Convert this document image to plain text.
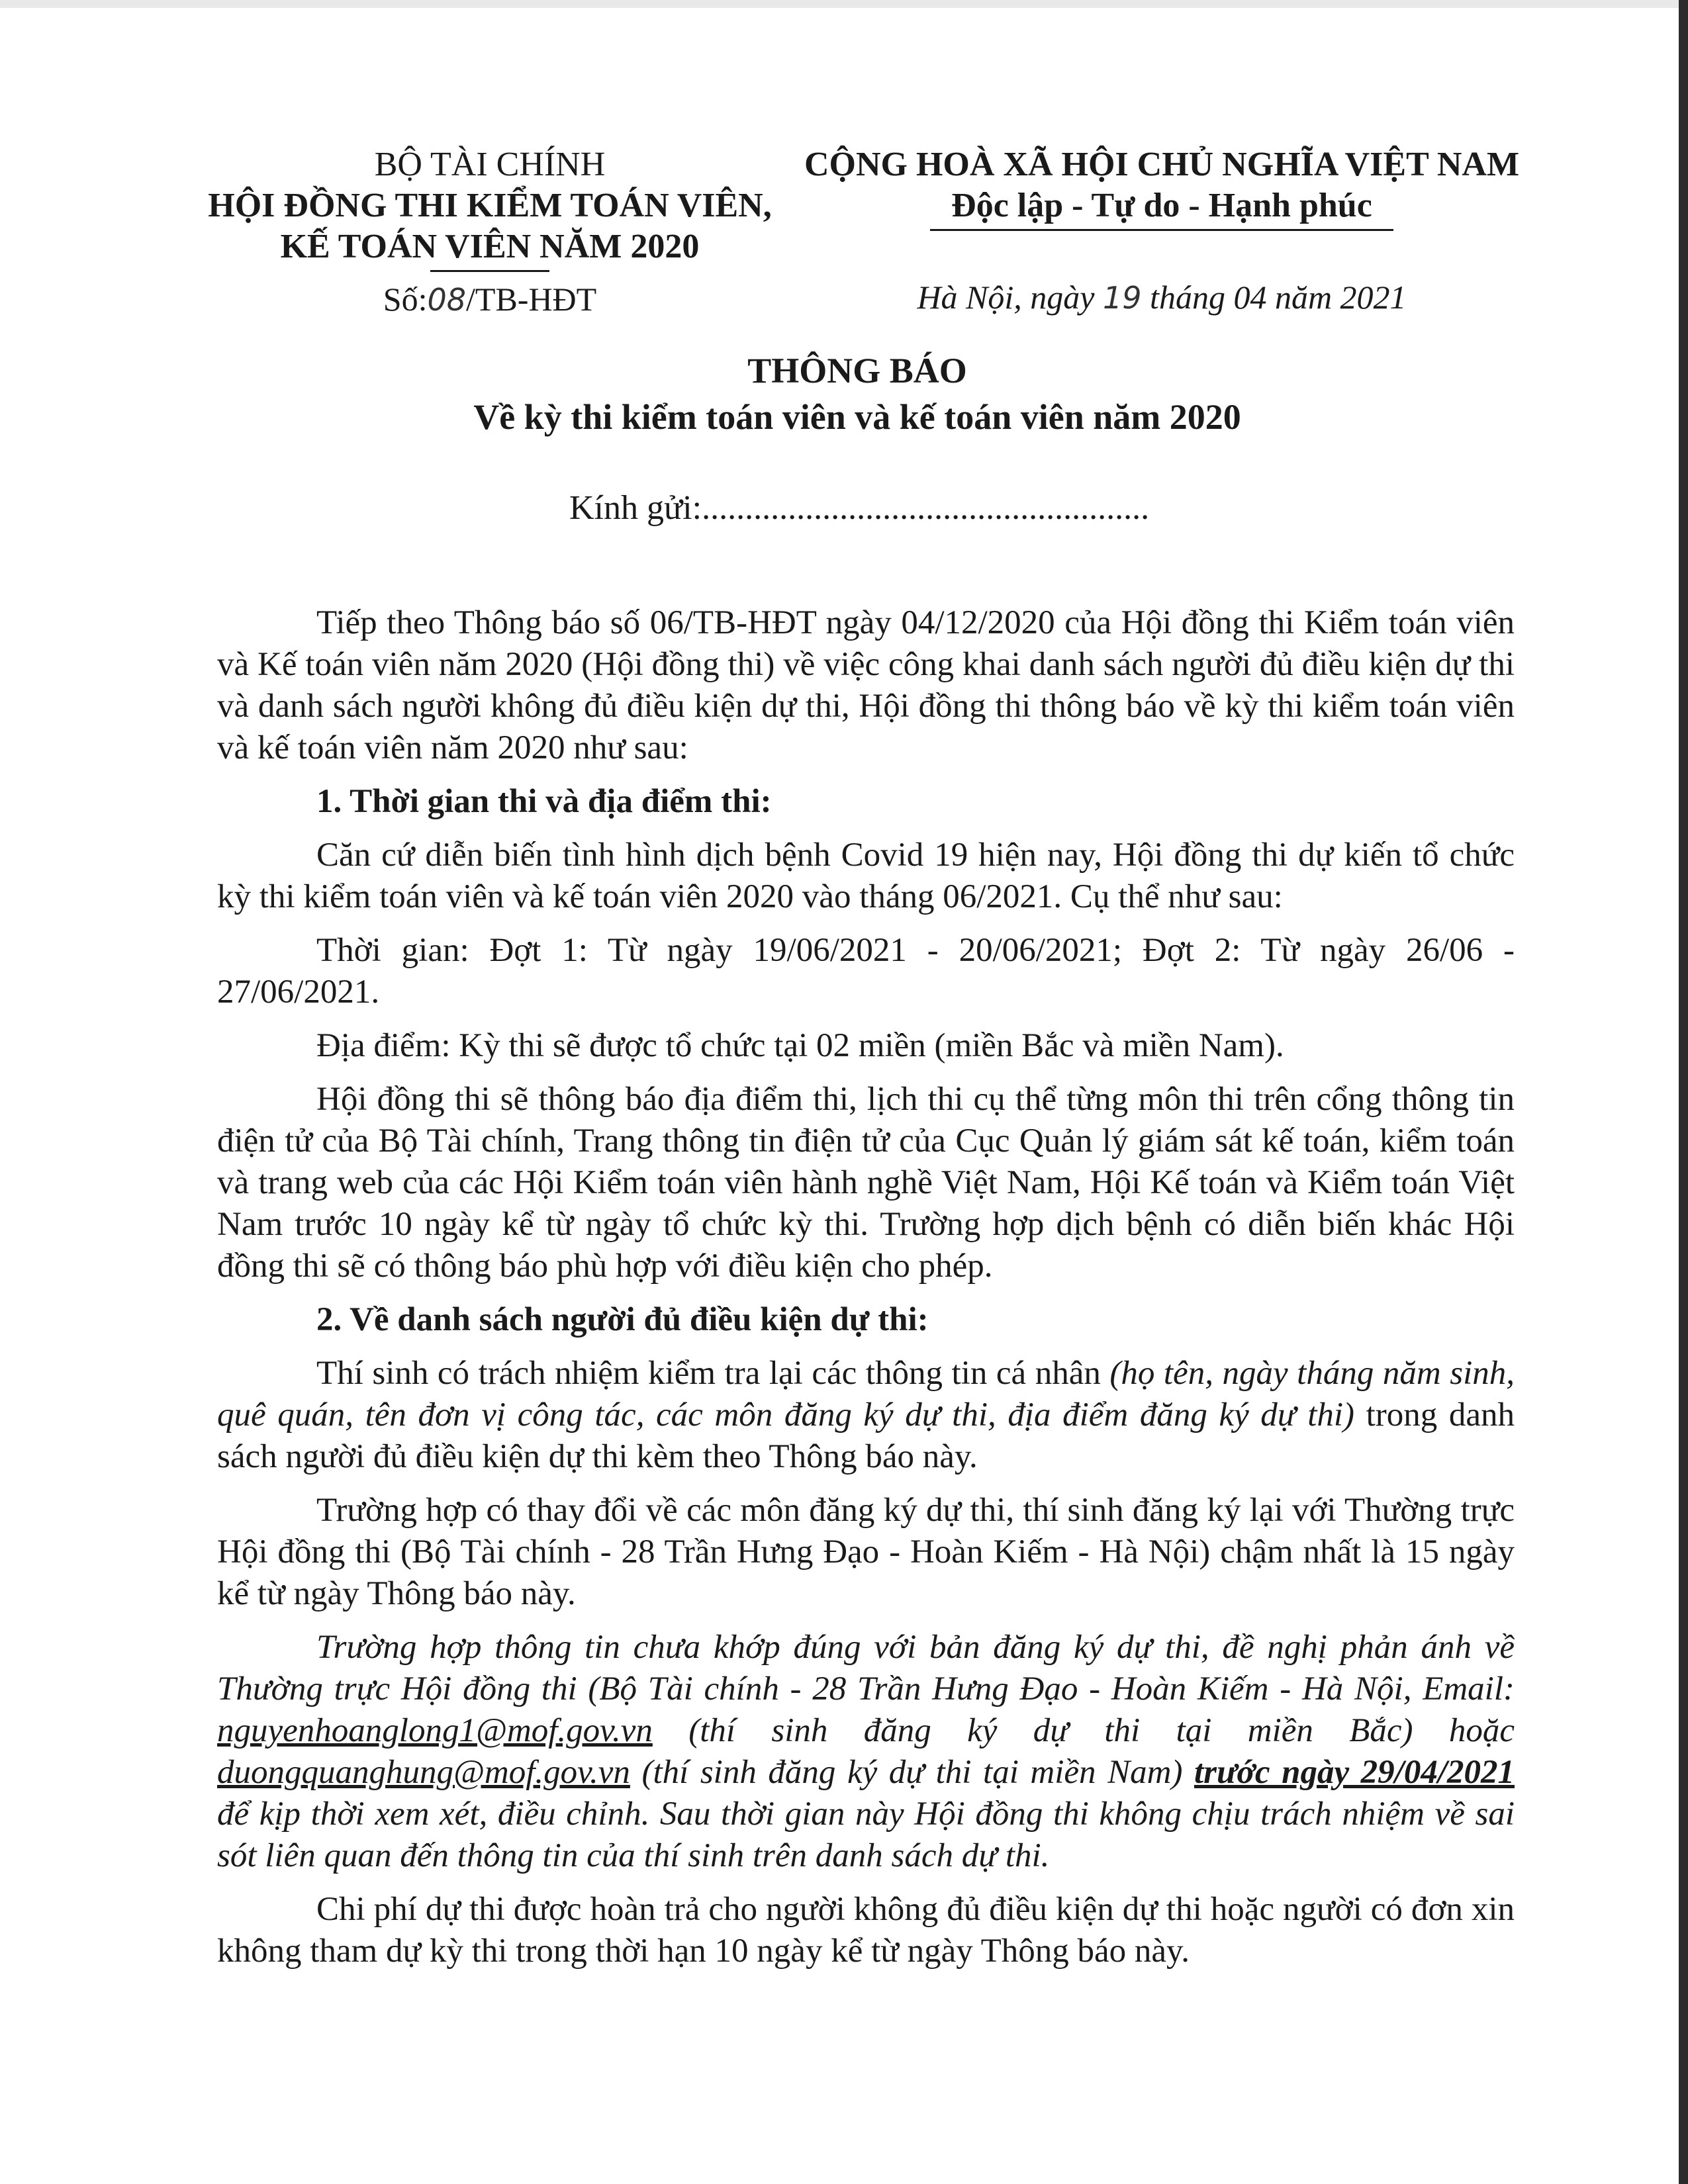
BỘ TÀI CHÍNH
HỘI ĐỒNG THI KIỂM TOÁN VIÊN,
KẾ TOÁN VIÊN NĂM 2020
Số:08/TB-HĐT
CỘNG HOÀ XÃ HỘI CHỦ NGHĨA VIỆT NAM
Độc lập - Tự do - Hạnh phúc
Hà Nội, ngày 19 tháng 04 năm 2021
THÔNG BÁO
Về kỳ thi kiểm toán viên và kế toán viên năm 2020
Kính gửi:....................................................

Tiếp theo Thông báo số 06/TB-HĐT ngày 04/12/2020 của Hội đồng thi Kiểm toán viên và Kế toán viên năm 2020 (Hội đồng thi) về việc công khai danh sách người đủ điều kiện dự thi và danh sách người không đủ điều kiện dự thi, Hội đồng thi thông báo về kỳ thi kiểm toán viên và kế toán viên năm 2020 như sau:

1. Thời gian thi và địa điểm thi:

Căn cứ diễn biến tình hình dịch bệnh Covid 19 hiện nay, Hội đồng thi dự kiến tổ chức kỳ thi kiểm toán viên và kế toán viên 2020 vào tháng 06/2021. Cụ thể như sau:

Thời gian: Đợt 1: Từ ngày 19/06/2021 - 20/06/2021; Đợt 2: Từ ngày 26/06 - 27/06/2021.

Địa điểm: Kỳ thi sẽ được tổ chức tại 02 miền (miền Bắc và miền Nam).

Hội đồng thi sẽ thông báo địa điểm thi, lịch thi cụ thể từng môn thi trên cổng thông tin điện tử của Bộ Tài chính, Trang thông tin điện tử của Cục Quản lý giám sát kế toán, kiểm toán và trang web của các Hội Kiểm toán viên hành nghề Việt Nam, Hội Kế toán và Kiểm toán Việt Nam trước 10 ngày kể từ ngày tổ chức kỳ thi. Trường hợp dịch bệnh có diễn biến khác Hội đồng thi sẽ có thông báo phù hợp với điều kiện cho phép.

2. Về danh sách người đủ điều kiện dự thi:

Thí sinh có trách nhiệm kiểm tra lại các thông tin cá nhân (họ tên, ngày tháng năm sinh, quê quán, tên đơn vị công tác, các môn đăng ký dự thi, địa điểm đăng ký dự thi) trong danh sách người đủ điều kiện dự thi kèm theo Thông báo này.

Trường hợp có thay đổi về các môn đăng ký dự thi, thí sinh đăng ký lại với Thường trực Hội đồng thi (Bộ Tài chính - 28 Trần Hưng Đạo - Hoàn Kiếm - Hà Nội) chậm nhất là 15 ngày kể từ ngày Thông báo này.

Trường hợp thông tin chưa khớp đúng với bản đăng ký dự thi, đề nghị phản ánh về Thường trực Hội đồng thi (Bộ Tài chính - 28 Trần Hưng Đạo - Hoàn Kiếm - Hà Nội, Email: nguyenhoanglong1@mof.gov.vn (thí sinh đăng ký dự thi tại miền Bắc) hoặc duongquanghung@mof.gov.vn (thí sinh đăng ký dự thi tại miền Nam) trước ngày 29/04/2021 để kịp thời xem xét, điều chỉnh. Sau thời gian này Hội đồng thi không chịu trách nhiệm về sai sót liên quan đến thông tin của thí sinh trên danh sách dự thi.

Chi phí dự thi được hoàn trả cho người không đủ điều kiện dự thi hoặc người có đơn xin không tham dự kỳ thi trong thời hạn 10 ngày kể từ ngày Thông báo này.
